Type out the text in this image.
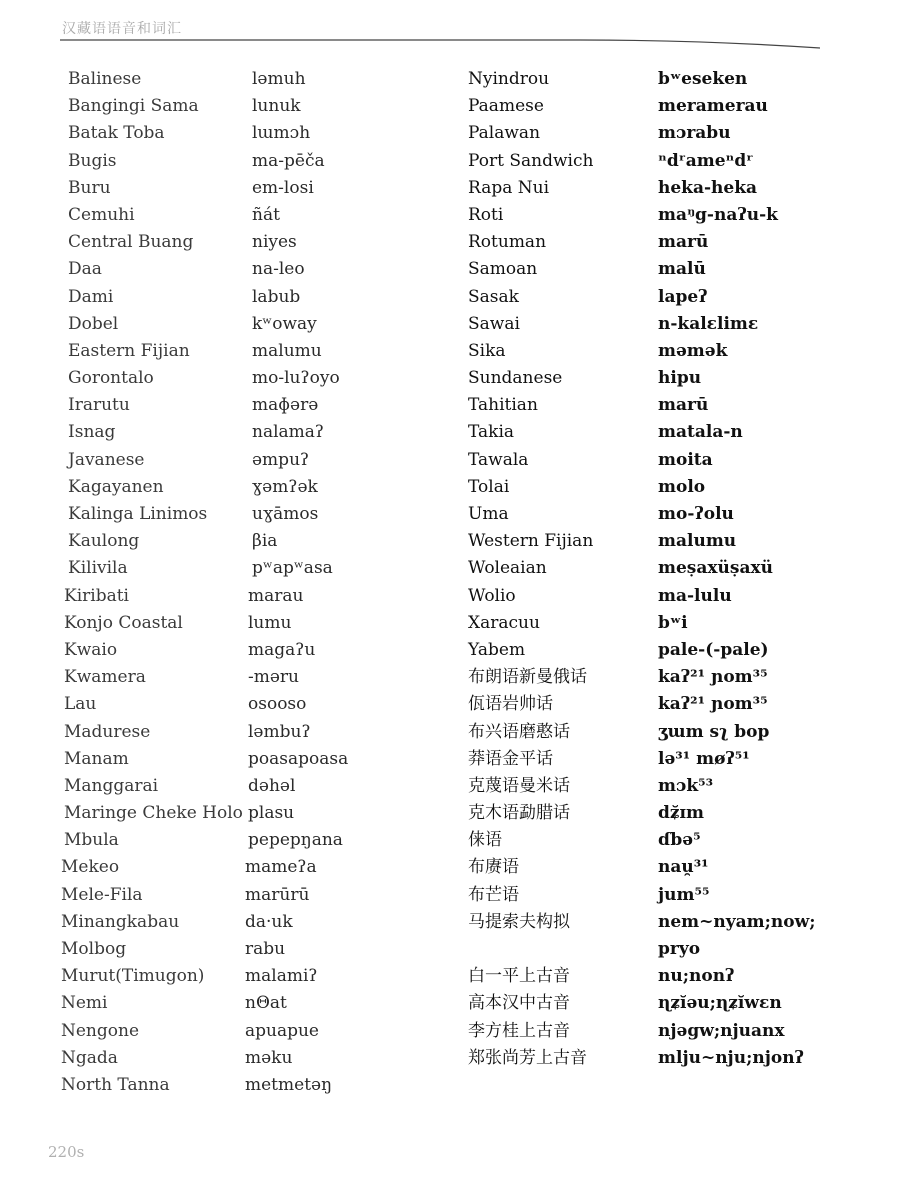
汉藏语语音和词汇
Balinese
Bangingi Sama
Batak Toba
Bugis
Buru
Cemuhi
Central Buang
Daa
Dami
Dobel
Eastern Fijian
Gorontalo
Irarutu
Isnag
Javanese
Kagayanen
Kalinga Linimos
Kaulong
Kilivila
Kiribati
Konjo Coastal
Kwaio
Kwamera
Lau
Madurese
Manam
Manggarai
Maringe Cheke Holo
Mbula
Mekeo
Mele-Fila
Minangkabau
Molbog
Murut(Timugon)
Nemi
Nengone
Ngada
North Tanna
ləmuh
lunuk
lɯmɔh
ma-pēča
em-losi
ñát
niyes
na-leo
labub
kʷoway
malumu
mo-luʔoyo
maɸərə
nalamaʔ
əmpuʔ
ɣəmʔək
uɣāmos
βia
pʷapʷasa
marau
lumu
magaʔu
-məru
osooso
ləmbuʔ
poasapoasa
dəhəl
plasu
pepepŋana
mameʔa
marūrū
da·uk
rabu
malamiʔ
nΘat
apuapue
məku
metmetəŋ
Nyindrou
Paamese
Palawan
Port Sandwich
Rapa Nui
Roti
Rotuman
Samoan
Sasak
Sawai
Sika
Sundanese
Tahitian
Takia
Tawala
Tolai
Uma
Western Fijian
Woleaian
Wolio
Xaracuu
Yabem
布朗语新曼俄话
佤语岩帅话
布兴语磨憨话
莽语金平话
克蔑语曼米话
克木语勐腊话
俫语
布赓语
布芒语
马提索夫构拟
白一平上古音
高本汉中古音
李方桂上古音
郑张尚芳上古音
bʷeseken
meramerau
mɔrabu
ⁿdʳameⁿdʳ
heka-heka
maᵑg-naʔu-k
marū
malū
lapeʔ
n-kalɛlimɛ
məmək
hipu
marū
matala-n
moita
molo
mo-ʔolu
malumu
meṣaxüṣaxü
ma-lulu
bʷi
pale-(-pale)
kaʔ²¹ ɲom³⁵
kaʔ²¹ ɲom³⁵
ʒɯm sʅ bop
lə³¹ møʔ⁵¹
mɔk⁵³
dʑ̆ɪm
ɗbə⁵
nau̯³¹
jum⁵⁵
nem~nyam;now;
pryo
nu;nonʔ
ɳʑĭəu;ɳʑĭwɛn
njəgw;njuanx
mlju~nju;njonʔ
220s
